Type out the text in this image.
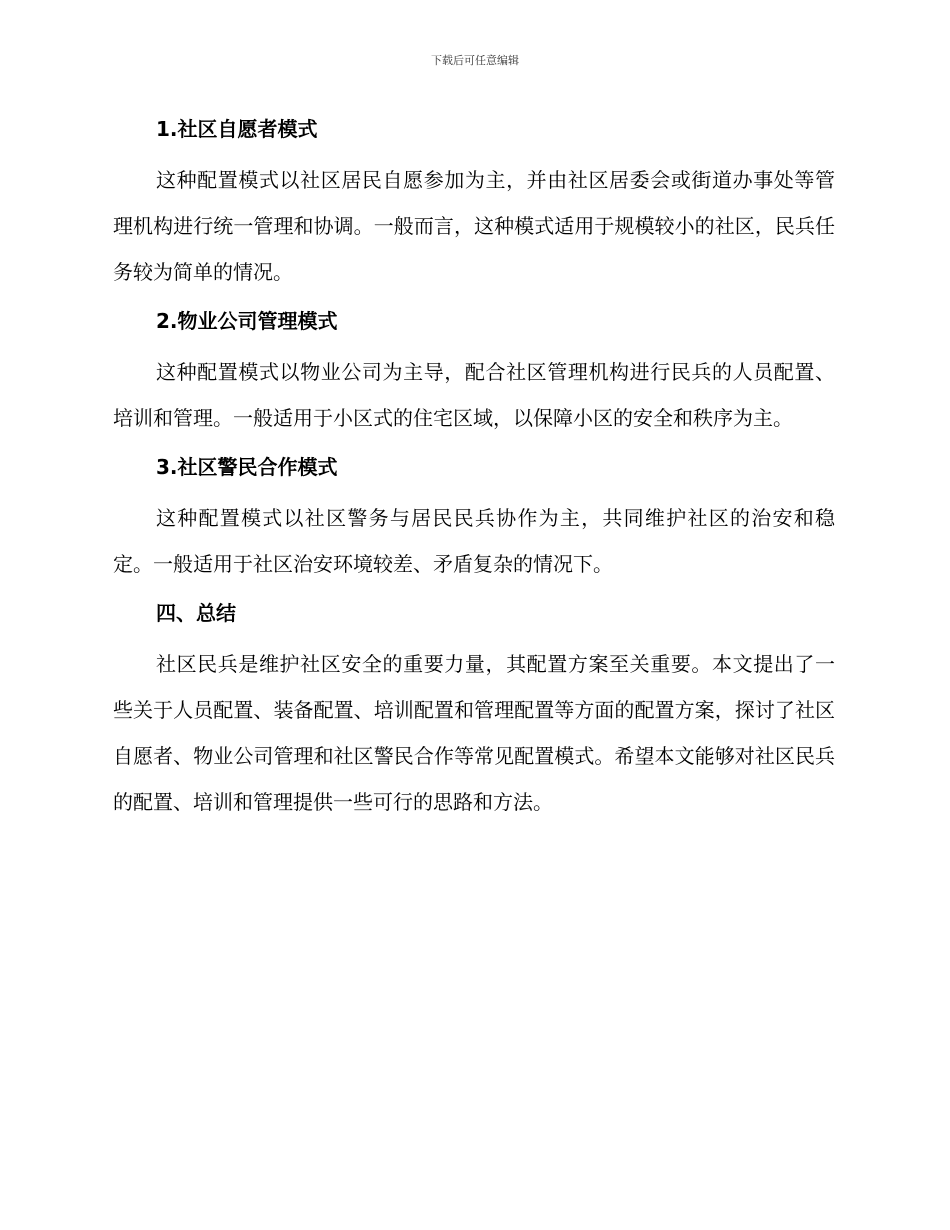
下载后可任意编辑
1.社区自愿者模式

这种配置模式以社区居民自愿参加为主，并由社区居委会或街道办事处等管理机构进行统一管理和协调。一般而言，这种模式适用于规模较小的社区，民兵任务较为简单的情况。

2.物业公司管理模式

这种配置模式以物业公司为主导，配合社区管理机构进行民兵的人员配置、培训和管理。一般适用于小区式的住宅区域，以保障小区的安全和秩序为主。

3.社区警民合作模式

这种配置模式以社区警务与居民民兵协作为主，共同维护社区的治安和稳定。一般适用于社区治安环境较差、矛盾复杂的情况下。

四、总结

社区民兵是维护社区安全的重要力量，其配置方案至关重要。本文提出了一些关于人员配置、装备配置、培训配置和管理配置等方面的配置方案，探讨了社区自愿者、物业公司管理和社区警民合作等常见配置模式。希望本文能够对社区民兵的配置、培训和管理提供一些可行的思路和方法。
